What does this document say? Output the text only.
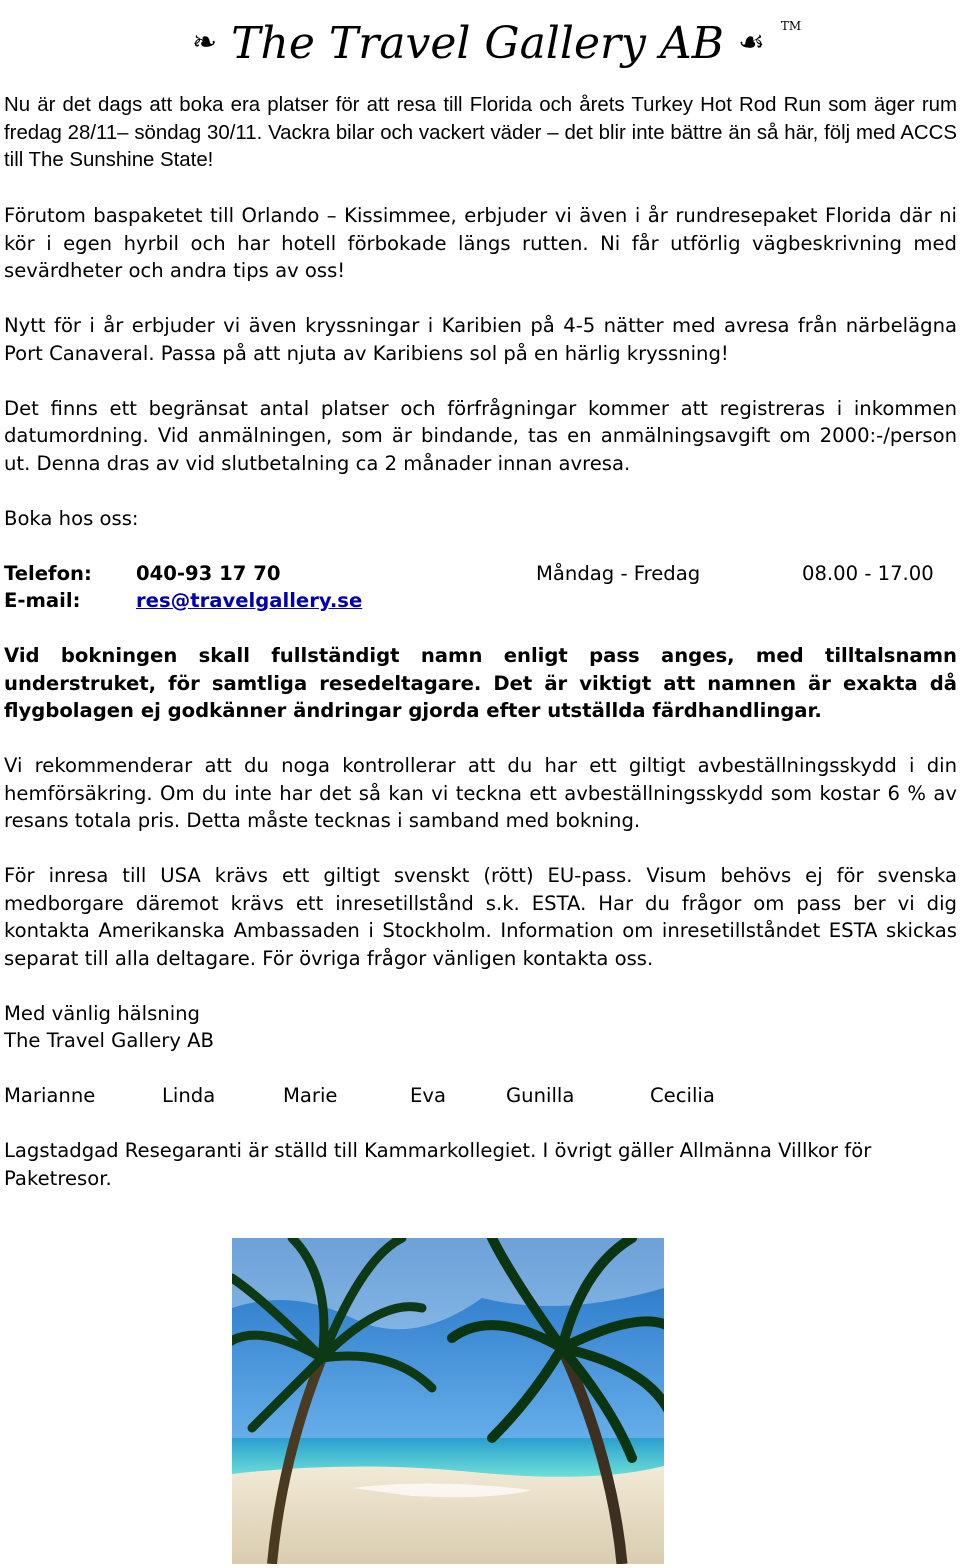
❧ The Travel Gallery AB ☙ ™

Nu är det dags att boka era platser för att resa till Florida och årets Turkey Hot Rod Run som äger rum fredag 28/11– söndag 30/11. Vackra bilar och vackert väder – det blir inte bättre än så här, följ med ACCS till The Sunshine State!

Förutom baspaketet till Orlando – Kissimmee, erbjuder vi även i år rundresepaket Florida där ni kör i egen hyrbil och har hotell förbokade längs rutten. Ni får utförlig vägbeskrivning med sevärdheter och andra tips av oss!

Nytt för i år erbjuder vi även kryssningar i Karibien på 4-5 nätter med avresa från närbelägna Port Canaveral. Passa på att njuta av Karibiens sol på en härlig kryssning!

Det finns ett begränsat antal platser och förfrågningar kommer att registreras i inkommen datumordning. Vid anmälningen, som är bindande, tas en anmälningsavgift om 2000:-/person ut. Denna dras av vid slutbetalning ca 2 månader innan avresa.

Boka hos oss:

Telefon:	040-93 17 70	Måndag - Fredag	08.00 - 17.00
E-mail:	res@travelgallery.se

Vid bokningen skall fullständigt namn enligt pass anges, med tilltalsnamn understruket, för samtliga resedeltagare. Det är viktigt att namnen är exakta då flygbolagen ej godkänner ändringar gjorda efter utställda färdhandlingar.

Vi rekommenderar att du noga kontrollerar att du har ett giltigt avbeställningsskydd i din hemförsäkring. Om du inte har det så kan vi teckna ett avbeställningsskydd som kostar 6 % av resans totala pris. Detta måste tecknas i samband med bokning.

För inresa till USA krävs ett giltigt svenskt (rött) EU-pass. Visum behövs ej för svenska medborgare däremot krävs ett inresetillstånd s.k. ESTA. Har du frågor om pass ber vi dig kontakta Amerikanska Ambassaden i Stockholm. Information om inresetillståndet ESTA skickas separat till alla deltagare. För övriga frågor vänligen kontakta oss.

Med vänlig hälsning
The Travel Gallery AB
Marianne	Linda	Marie	Eva	Gunilla	Cecilia

Lagstadgad Resegaranti är ställd till Kammarkollegiet. I övrigt gäller Allmänna Villkor för Paketresor.
